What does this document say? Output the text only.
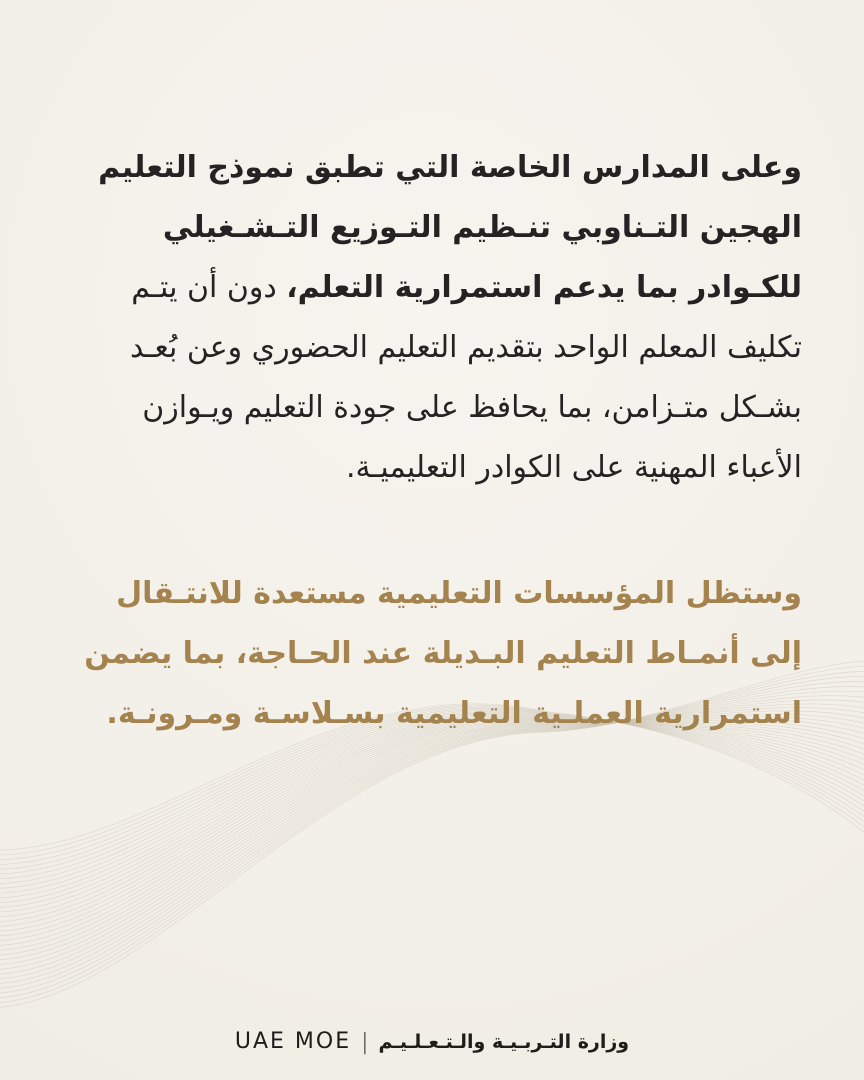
وعلى المدارس الخاصة التي تطبق نموذج التعليم الهجين التـناوبي تنـظيم التـوزيع التـشـغيلي للكـوادر بما يدعم استمرارية التعلم، دون أن يتـم تكليف المعلم الواحد بتقديم التعليم الحضوري وعن بُعـد بشـكل متـزامن، بما يحافظ على جودة التعليم ويـوازن الأعباء المهنية على الكوادر التعليميـة.

وستظل المؤسسات التعليمية مستعدة للانتـقال إلى أنمـاط التعليم البـديلة عند الحـاجة، بما يضمن استمرارية العملـية التعليمية بسـلاسـة ومـرونـة.

وزارة التـربـيـة والـتـعـلـيـم|UAE MOE
